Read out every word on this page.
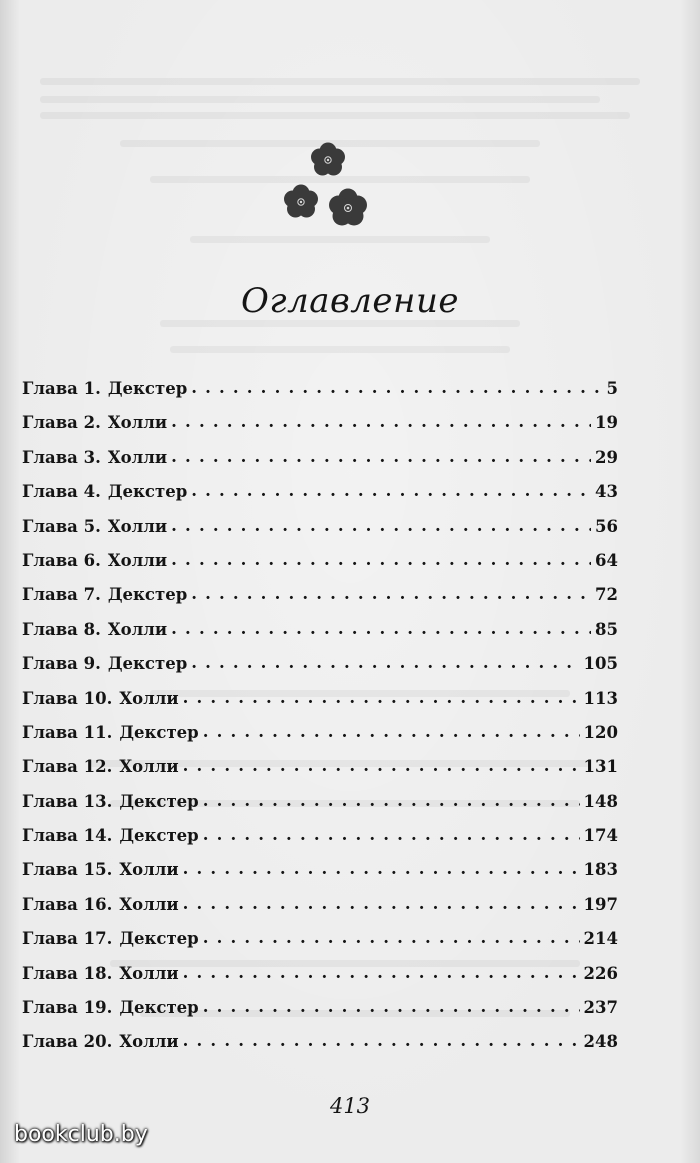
Оглавление
Глава 1. Декстер . . .	5
Глава 2. Холли . . .	19
Глава 3. Холли . . .	29
Глава 4. Декстер . . .	43
Глава 5. Холли . . .	56
Глава 6. Холли . . .	64
Глава 7. Декстер . . .	72
Глава 8. Холли . . .	85
Глава 9. Декстер . . .	105
Глава 10. Холли . . .	113
Глава 11. Декстер . . .	120
Глава 12. Холли . . .	131
Глава 13. Декстер . . .	148
Глава 14. Декстер . . .	174
Глава 15. Холли . . .	183
Глава 16. Холли . . .	197
Глава 17. Декстер . . .	214
Глава 18. Холли . . .	226
Глава 19. Декстер . . .	237
Глава 20. Холли . . .	248
413
bookclub.by
